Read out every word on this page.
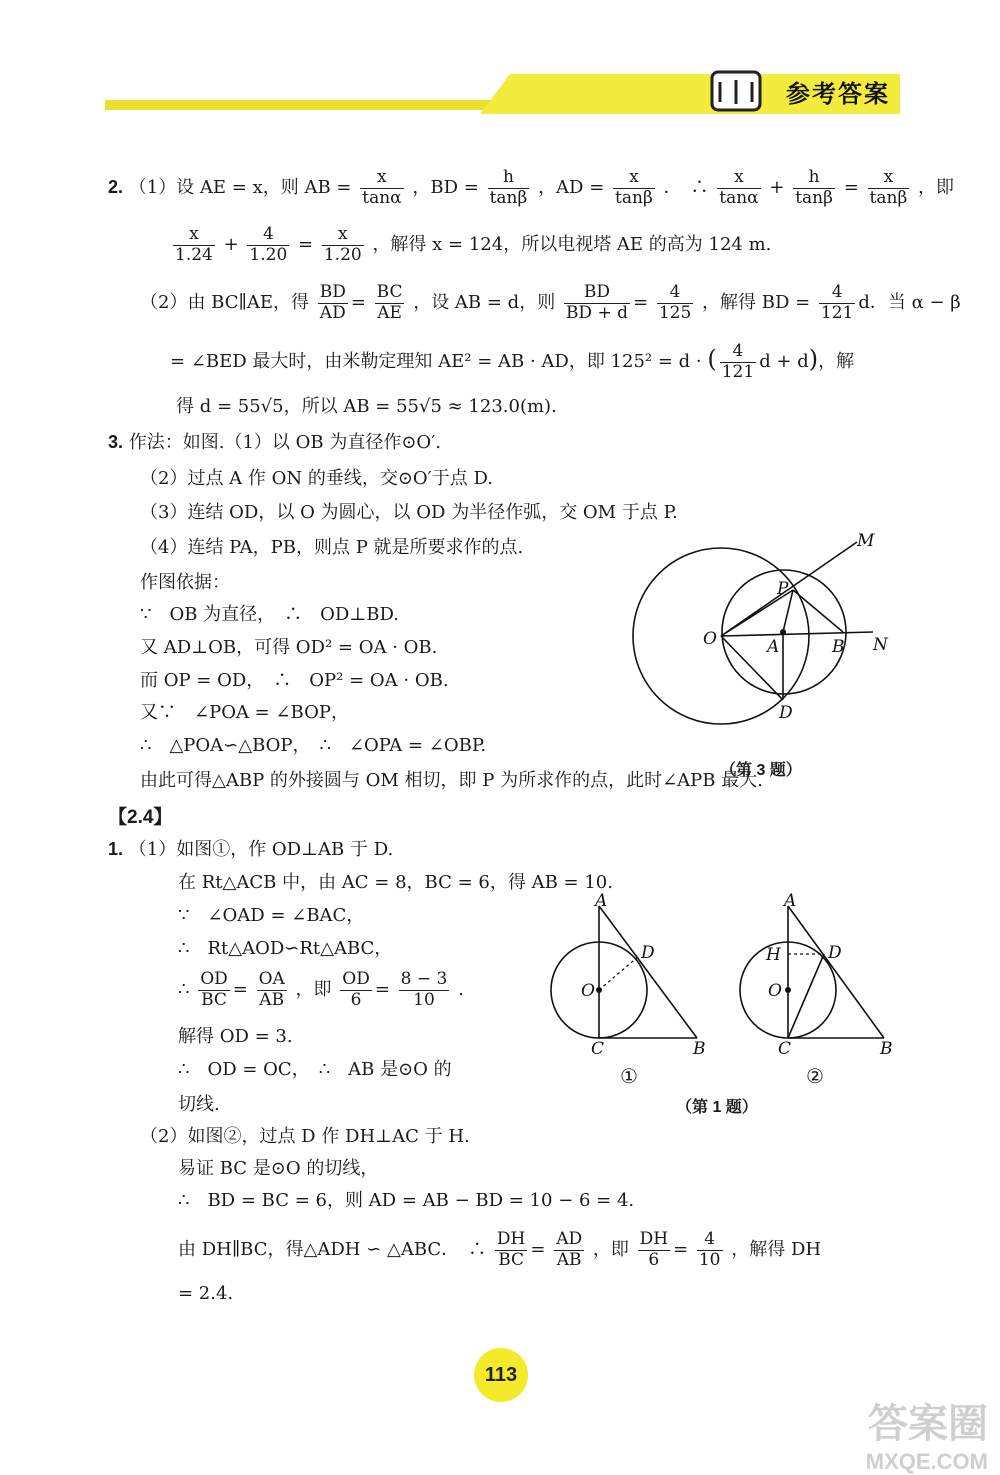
参考答案
2. （1）设 AE = x，则 AB = $\frac{x}{\tan\alpha}$ ，BD = $\frac{h}{\tan\beta}$ ，AD = $\frac{x}{\tan\beta}$ ．　∴ $\frac{x}{\tan\alpha} + \frac{h}{\tan\beta} = \frac{x}{\tan\beta}$ ，即
$\frac{x}{1.24} + \frac{4}{1.20} = \frac{x}{1.20}$ ，解得 x = 124，所以电视塔 AE 的高为 124 m.
（2）由 BC∥AE，得 $\frac{BD}{AD} = \frac{BC}{AE}$ ，设 AB = d，则 $\frac{BD}{BD + d} = \frac{4}{125}$ ，解得 BD = $\frac{4}{121}$ d．当 α − β
= ∠BED 最大时，由米勒定理知 AE² = AB · AD，即 125² = d · ( $\frac{4}{121}$ d + d)，解
得 d = 55√5，所以 AB = 55√5 ≈ 123.0(m).
3. 作法：如图.（1）以 OB 为直径作⊙O′.
（2）过点 A 作 ON 的垂线，交⊙O′于点 D.
（3）连结 OD，以 O 为圆心，以 OD 为半径作弧，交 OM 于点 P.
（4）连结 PA，PB，则点 P 就是所要求作的点.
作图依据：
∵　OB 为直径，　∴　OD⊥BD.
又 AD⊥OB，可得 OD² = OA · OB.
而 OP = OD，　∴　OP² = OA · OB.
又∵　∠POA = ∠BOP，
∴　△POA∽△BOP，　∴　∠OPA = ∠OBP.
由此可得△ABP 的外接圆与 OM 相切，即 P 为所求作的点，此时∠APB 最大.
M
P
O	A	B N
D
（第 3 题）
【2.4】
1. （1）如图①，作 OD⊥AB 于 D.
在 Rt△ACB 中，由 AC = 8，BC = 6，得 AB = 10.
∵　∠OAD = ∠BAC，
∴　Rt△AOD∽Rt△ABC，
∴ $\frac{OD}{BC} = \frac{OA}{AB}$ ，即 $\frac{OD}{6} = \frac{8 - 3}{10}$ .
解得 OD = 3.
∴　OD = OC，　∴　AB 是⊙O 的
切线.
（2）如图②，过点 D 作 DH⊥AC 于 H.
易证 BC 是⊙O 的切线，
∴　BD = BC = 6，则 AD = AB − BD = 10 − 6 = 4.
由 DH∥BC，得△ADH ∽ △ABC．　∴ $\frac{DH}{BC} = \frac{AD}{AB}$ ，即 $\frac{DH}{6} = \frac{4}{10}$ ，解得 DH
= 2.4.
A
D
O
C	B
①
A
H	D
O
C	B
②
（第 1 题）
113
答案圈
MXQE.COM
